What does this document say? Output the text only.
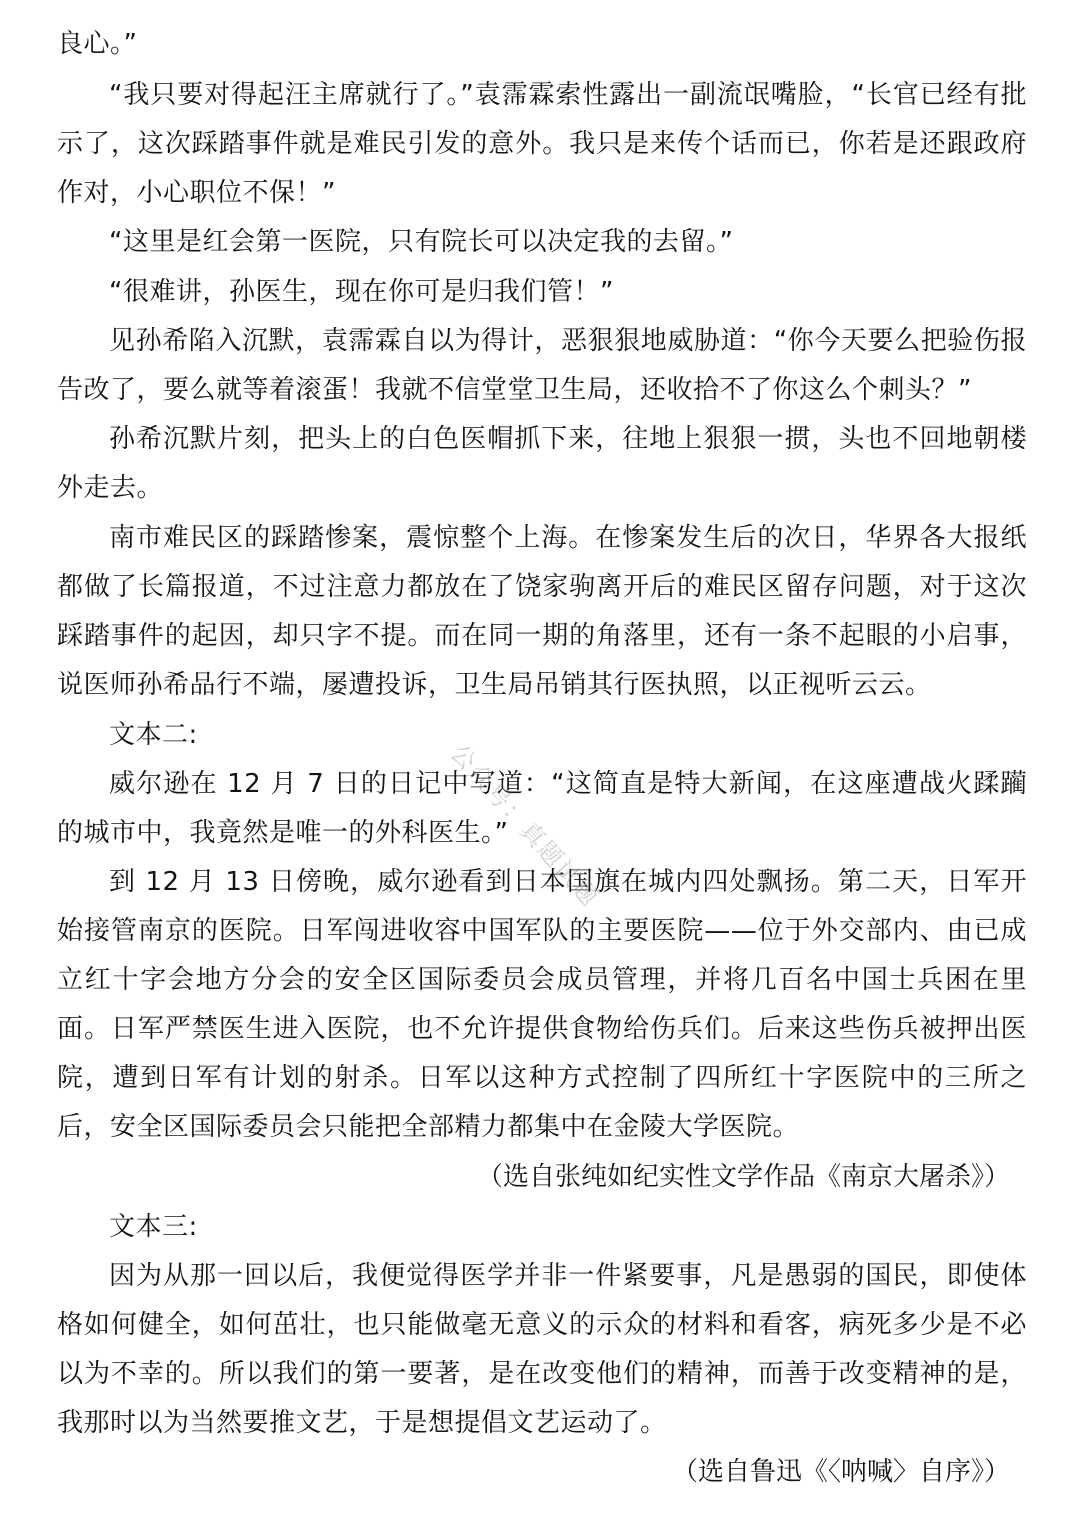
良心。”

“我只要对得起汪主席就行了。”袁霈霖索性露出一副流氓嘴脸，“长官已经有批示了，这次踩踏事件就是难民引发的意外。我只是来传个话而已，你若是还跟政府作对，小心职位不保！”

“这里是红会第一医院，只有院长可以决定我的去留。”

“很难讲，孙医生，现在你可是归我们管！”

见孙希陷入沉默，袁霈霖自以为得计，恶狠狠地威胁道：“你今天要么把验伤报告改了，要么就等着滚蛋！我就不信堂堂卫生局，还收拾不了你这么个刺头？”

孙希沉默片刻，把头上的白色医帽抓下来，往地上狠狠一掼，头也不回地朝楼外走去。

南市难民区的踩踏惨案，震惊整个上海。在惨案发生后的次日，华界各大报纸都做了长篇报道，不过注意力都放在了饶家驹离开后的难民区留存问题，对于这次踩踏事件的起因，却只字不提。而在同一期的角落里，还有一条不起眼的小启事，说医师孙希品行不端，屡遭投诉，卫生局吊销其行医执照，以正视听云云。

文本二:

威尔逊在 12 月 7 日的日记中写道：“这简直是特大新闻，在这座遭战火蹂躏的城市中，我竟然是唯一的外科医生。”

到 12 月 13 日傍晚，威尔逊看到日本国旗在城内四处飘扬。第二天，日军开始接管南京的医院。日军闯进收容中国军队的主要医院——位于外交部内、由已成立红十字会地方分会的安全区国际委员会成员管理，并将几百名中国士兵困在里面。日军严禁医生进入医院，也不允许提供食物给伤兵们。后来这些伤兵被押出医院，遭到日军有计划的射杀。日军以这种方式控制了四所红十字医院中的三所之后，安全区国际委员会只能把全部精力都集中在金陵大学医院。

（选自张纯如纪实性文学作品《南京大屠杀》）

文本三:

因为从那一回以后，我便觉得医学并非一件紧要事，凡是愚弱的国民，即使体格如何健全，如何茁壮，也只能做毫无意义的示众的材料和看客，病死多少是不必以为不幸的。所以我们的第一要著，是在改变他们的精神，而善于改变精神的是，我那时以为当然要推文艺，于是想提倡文艺运动了。

（选自鲁迅《〈呐喊〉自序》）

公众号：真题试题
